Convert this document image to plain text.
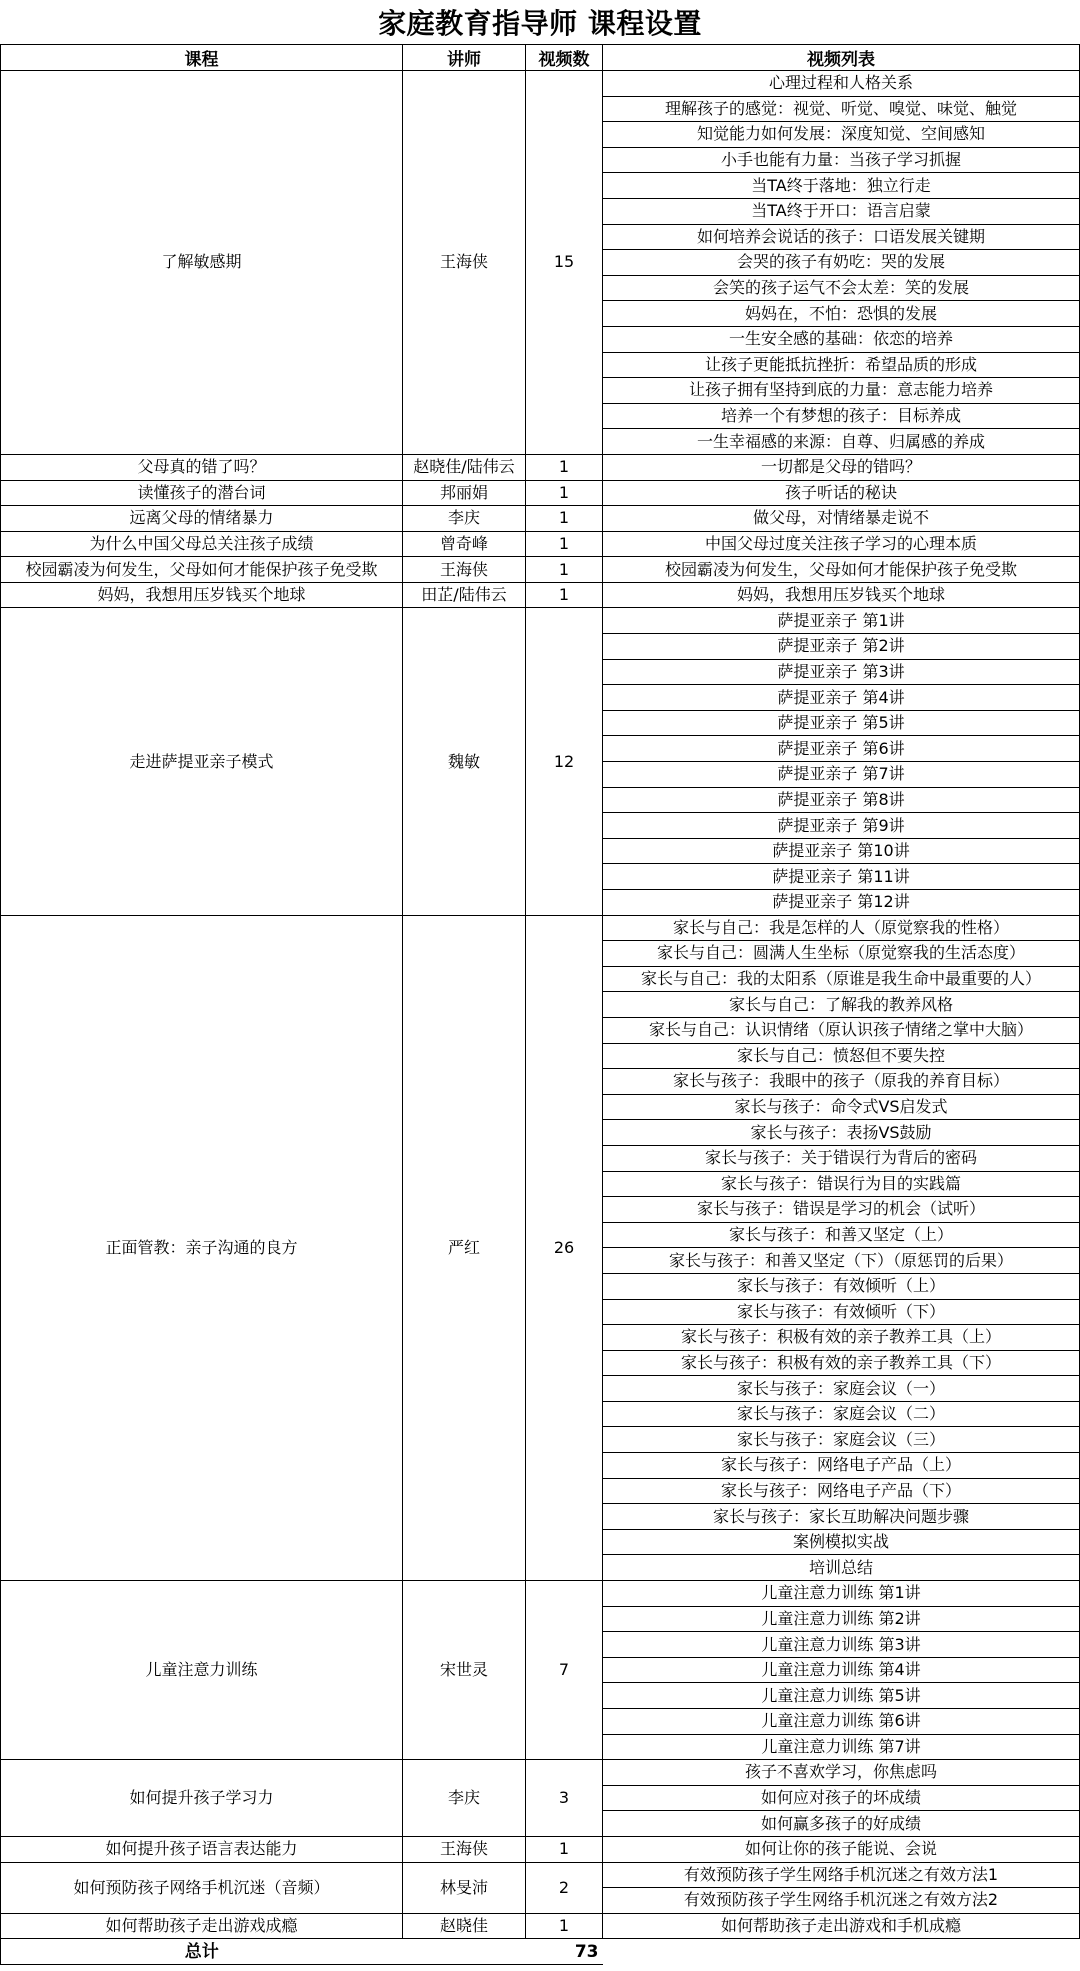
家庭教育指导师 课程设置
课程	讲师	视频数	视频列表
了解敏感期	王海侠	15	心理过程和人格关系
			理解孩子的感觉：视觉、听觉、嗅觉、味觉、触觉
			知觉能力如何发展：深度知觉、空间感知
			小手也能有力量：当孩子学习抓握
			当TA终于落地：独立行走
			当TA终于开口：语言启蒙
			如何培养会说话的孩子：口语发展关键期
			会哭的孩子有奶吃：哭的发展
			会笑的孩子运气不会太差：笑的发展
			妈妈在，不怕：恐惧的发展
			一生安全感的基础：依恋的培养
			让孩子更能抵抗挫折：希望品质的形成
			让孩子拥有坚持到底的力量：意志能力培养
			培养一个有梦想的孩子：目标养成
			一生幸福感的来源：自尊、归属感的养成
父母真的错了吗？	赵晓佳/陆伟云	1	一切都是父母的错吗？
读懂孩子的潜台词	邦丽娟	1	孩子听话的秘诀
远离父母的情绪暴力	李庆	1	做父母，对情绪暴走说不
为什么中国父母总关注孩子成绩	曾奇峰	1	中国父母过度关注孩子学习的心理本质
校园霸凌为何发生，父母如何才能保护孩子免受欺	王海侠	1	校园霸凌为何发生，父母如何才能保护孩子免受欺
妈妈，我想用压岁钱买个地球	田芷/陆伟云	1	妈妈，我想用压岁钱买个地球
走进萨提亚亲子模式	魏敏	12	萨提亚亲子 第1讲
			萨提亚亲子 第2讲
			萨提亚亲子 第3讲
			萨提亚亲子 第4讲
			萨提亚亲子 第5讲
			萨提亚亲子 第6讲
			萨提亚亲子 第7讲
			萨提亚亲子 第8讲
			萨提亚亲子 第9讲
			萨提亚亲子 第10讲
			萨提亚亲子 第11讲
			萨提亚亲子 第12讲
正面管教：亲子沟通的良方	严红	26	家长与自己：我是怎样的人（原觉察我的性格）
			家长与自己：圆满人生坐标（原觉察我的生活态度）
			家长与自己：我的太阳系（原谁是我生命中最重要的人）
			家长与自己：了解我的教养风格
			家长与自己：认识情绪（原认识孩子情绪之掌中大脑）
			家长与自己：愤怒但不要失控
			家长与孩子：我眼中的孩子（原我的养育目标）
			家长与孩子：命令式VS启发式
			家长与孩子：表扬VS鼓励
			家长与孩子：关于错误行为背后的密码
			家长与孩子：错误行为目的实践篇
			家长与孩子：错误是学习的机会（试听）
			家长与孩子：和善又坚定（上）
			家长与孩子：和善又坚定（下）（原惩罚的后果）
			家长与孩子：有效倾听（上）
			家长与孩子：有效倾听（下）
			家长与孩子：积极有效的亲子教养工具（上）
			家长与孩子：积极有效的亲子教养工具（下）
			家长与孩子：家庭会议（一）
			家长与孩子：家庭会议（二）
			家长与孩子：家庭会议（三）
			家长与孩子：网络电子产品（上）
			家长与孩子：网络电子产品（下）
			家长与孩子：家长互助解决问题步骤
			案例模拟实战
			培训总结
儿童注意力训练	宋世灵	7	儿童注意力训练 第1讲
			儿童注意力训练 第2讲
			儿童注意力训练 第3讲
			儿童注意力训练 第4讲
			儿童注意力训练 第5讲
			儿童注意力训练 第6讲
			儿童注意力训练 第7讲
如何提升孩子学习力	李庆	3	孩子不喜欢学习，你焦虑吗
			如何应对孩子的坏成绩
			如何赢多孩子的好成绩
如何提升孩子语言表达能力	王海侠	1	如何让你的孩子能说、会说
如何预防孩子网络手机沉迷（音频）	林旻沛	2	有效预防孩子学生网络手机沉迷之有效方法1
			有效预防孩子学生网络手机沉迷之有效方法2
如何帮助孩子走出游戏成瘾	赵晓佳	1	如何帮助孩子走出游戏和手机成瘾
总计		73	
